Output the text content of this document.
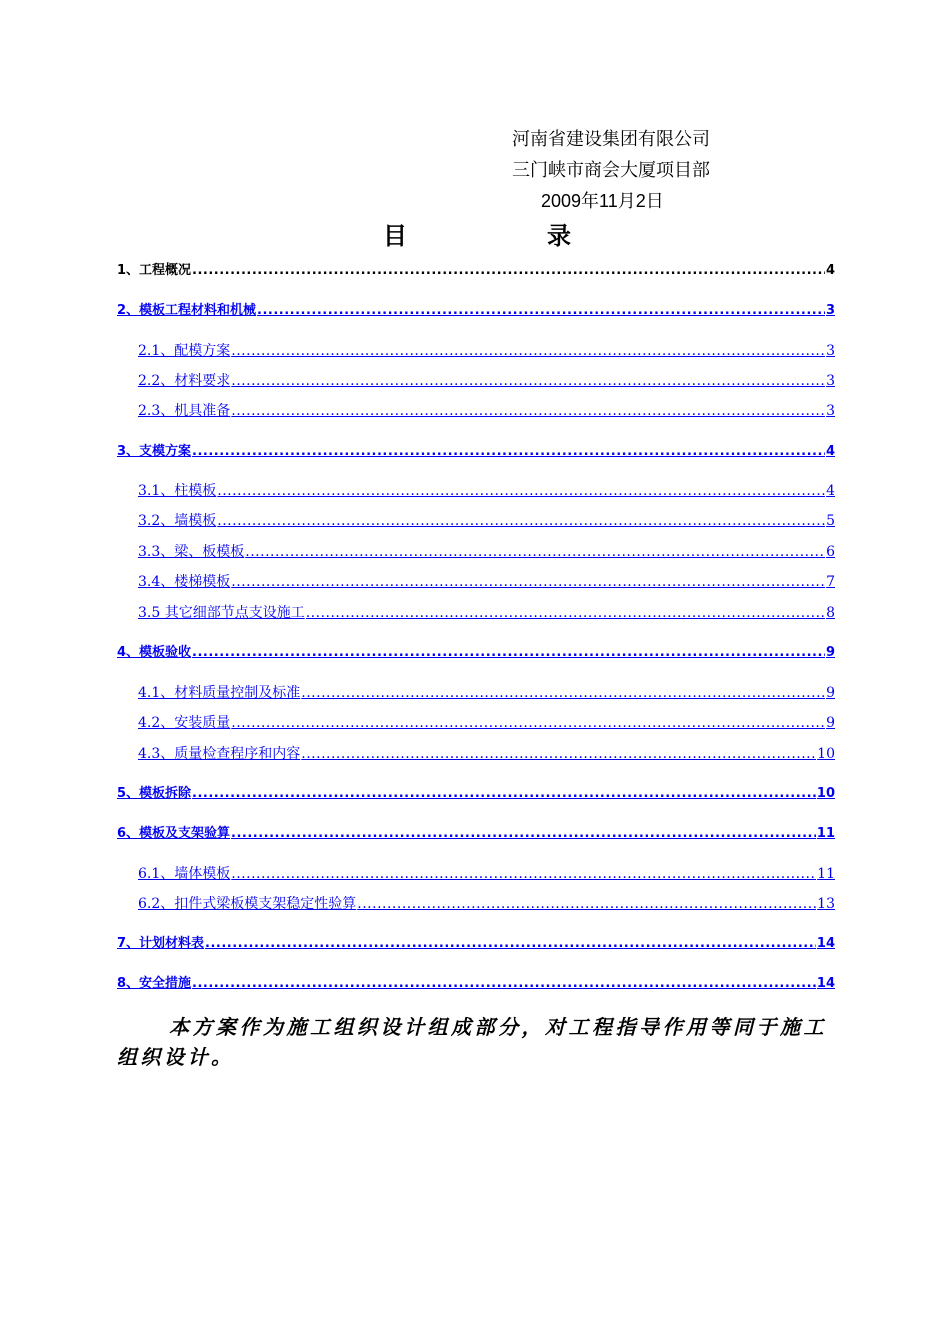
河南省建设集团有限公司
三门峡市商会大厦项目部
2009年11月2日
目	录
1、工程概况 .....	4
2、模板工程材料和机械 .....	3
2.1、配模方案 .....	3
2.2、材料要求 .....	3
2.3、机具准备 .....	3
3、支模方案 .....	4
3.1、柱模板 .....	4
3.2、墙模板 .....	5
3.3、梁、板模板 .....	6
3.4、楼梯模板 .....	7
3.5 其它细部节点支设施工 .....	8
4、模板验收 .....	9
4.1、材料质量控制及标准 .....	9
4.2、安装质量 .....	9
4.3、质量检查程序和内容 .....	10
5、模板拆除 .....	10
6、模板及支架验算 .....	11
6.1、墙体模板 .....	11
6.2、扣件式梁板模支架稳定性验算 .....	13
7、计划材料表 .....	14
8、安全措施 .....	14
本方案作为施工组织设计组成部分，对工程指导作用等同于施工组织设计。
